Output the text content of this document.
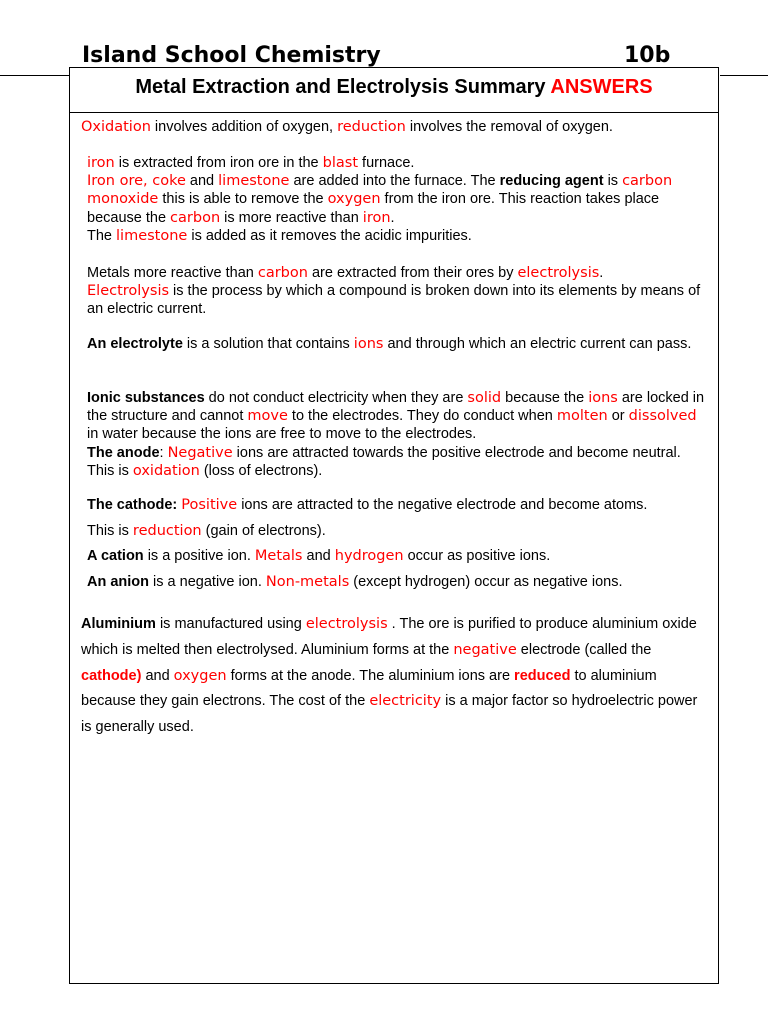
Island School Chemistry	10b
Metal Extraction and Electrolysis Summary ANSWERS
Oxidation involves addition of oxygen, reduction involves the removal of oxygen.

iron is extracted from iron ore in the blast furnace.
Iron ore, coke and limestone are added into the furnace. The reducing agent is carbon monoxide this is able to remove the oxygen from the iron ore. This reaction takes place because the carbon is more reactive than iron.
The limestone is added as it removes the acidic impurities.

Metals more reactive than carbon are extracted from their ores by electrolysis.
Electrolysis is the process by which a compound is broken down into its elements by means of an electric current.

An electrolyte is a solution that contains ions and through which an electric current can pass.

Ionic substances do not conduct electricity when they are solid because the ions are locked in the structure and cannot move to the electrodes. They do conduct when molten or dissolved in water because the ions are free to move to the electrodes.
The anode: Negative ions are attracted towards the positive electrode and become neutral. This is oxidation (loss of electrons).

The cathode: Positive ions are attracted to the negative electrode and become atoms.
This is reduction (gain of electrons).
A cation is a positive ion. Metals and hydrogen occur as positive ions.
An anion is a negative ion. Non-metals (except hydrogen) occur as negative ions.

Aluminium is manufactured using electrolysis . The ore is purified to produce aluminium oxide which is melted then electrolysed. Aluminium forms at the negative electrode (called the cathode) and oxygen forms at the anode. The aluminium ions are reduced to aluminium because they gain electrons. The cost of the electricity is a major factor so hydroelectric power is generally used.
